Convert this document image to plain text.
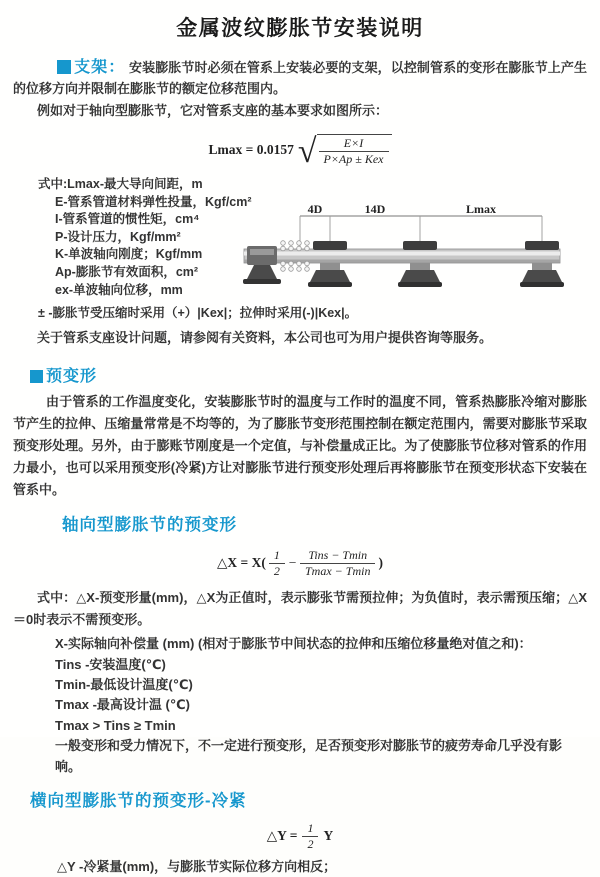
金属波纹膨胀节安装说明
支架： 安装膨胀节时必须在管系上安装必要的支架，以控制管系的变形在膨胀节上产生的位移方向并限制在膨胀节的额定位移范围内。
例如对于轴向型膨胀节，它对管系支座的基本要求如图所示：
Lmax = 0.0157 √ $\frac{E\times I}{\text{P×Ap ± Kex}}$
式中:Lmax-最大导向间距，m
E-管系管道材料弹性投量，Kgf/cm²
I-管系管道的惯性矩，cm⁴
P-设计压力，Kgf/mm²
K-单波轴向刚度；Kgf/mm
Ap-膨胀节有效面积，cm²
ex-单波轴向位移，mm
4D	14D	Lmax
± -膨胀节受压缩时采用（+）|Kex|；拉伸时采用(-)|Kex|。
关于管系支座设计问题，请参阅有关资料，本公司也可为用户提供咨询等服务。
预变形
由于管系的工作温度变化，安装膨胀节时的温度与工作时的温度不同，管系热膨胀冷缩对膨胀节产生的拉伸、压缩量常常是不均等的，为了膨胀节变形范围控制在额定范围内，需要对膨胀节采取预变形处理。另外，由于膨账节刚度是一个定值，与补偿量成正比。为了使膨胀节位移对管系的作用力最小，也可以采用预变形(冷紧)方让对膨胀节进行预变形处理后再将膨胀节在预变形状态下安装在管系中。
轴向型膨胀节的预变形
△X = $X( \frac{1}{2} - \frac{\text{Tins − Tmin}}{Tmax - Tmin}$ )
式中：△X-预变形量(mm)，△X为正值时，表示膨张节需预拉伸；为负值时，表示需预压缩；△X＝0时表示不需预变形。
X-实际轴向补偿量 (mm) (相对于膨胀节中间状态的拉伸和压缩位移量绝对值之和)：
Tins -安装温度(℃)
Tmin-最低设计温度(℃)
Tmax -最高设计温 (℃)
Tmax > Tins ≥ Tmin
一般变形和受力情况下，不一定进行预变形，足否预变形对膨胀节的疲劳寿命几乎没有影响。
横向型膨胀节的预变形-冷紧
△Y = $\frac{1}{2}$ Y
△Y -冷紧量(mm)，与膨胀节实际位移方向相反；
